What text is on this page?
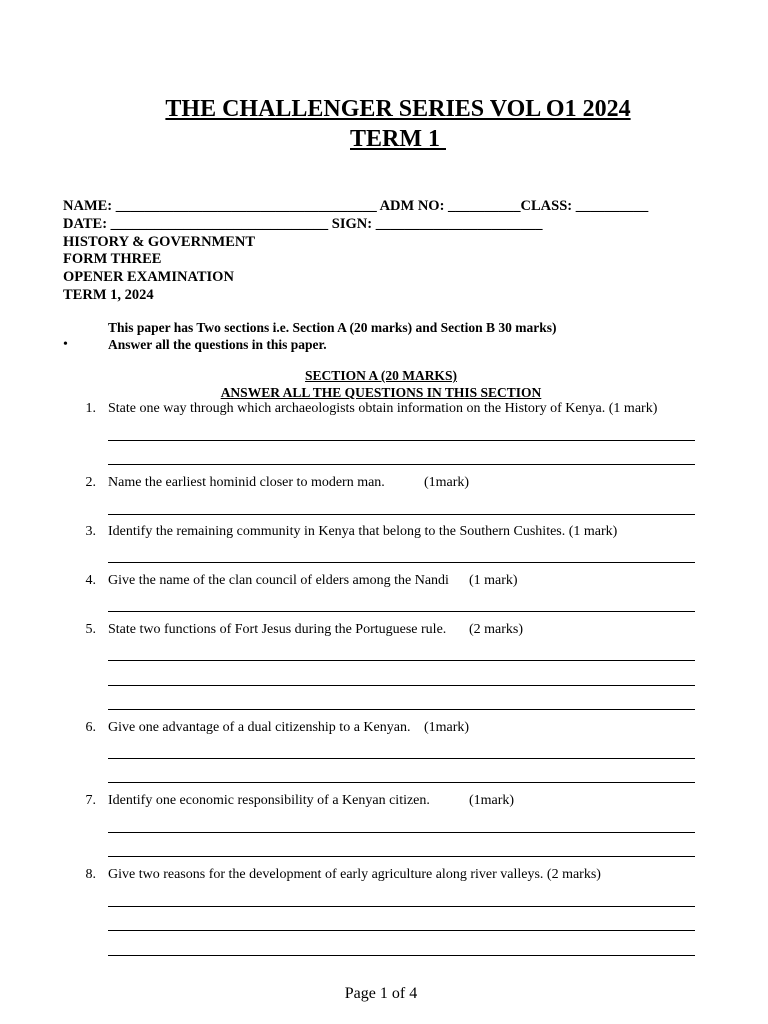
THE CHALLENGER SERIES VOL O1 2024
TERM 1
NAME: ____________________________________ ADM NO: __________CLASS: __________
DATE: ______________________________ SIGN: _______________________
HISTORY & GOVERNMENT
FORM THREE
OPENER EXAMINATION
TERM 1, 2024
This paper has Two sections i.e. Section A (20 marks) and Section B 30 marks)
•	Answer all the questions in this paper.
SECTION A (20 MARKS)
ANSWER ALL THE QUESTIONS IN THIS SECTION
1. State one way through which archaeologists obtain information on the History of Kenya. (1 mark)
2. Name the earliest hominid closer to modern man.	(1mark)
3. Identify the remaining community in Kenya that belong to the Southern Cushites. (1 mark)
4. Give the name of the clan council of elders among the Nandi (1 mark)
5. State two functions of Fort Jesus during the Portuguese rule. (2 marks)
6. Give one advantage of a dual citizenship to a Kenyan. (1mark)
7. Identify one economic responsibility of a Kenyan citizen.	(1mark)
8. Give two reasons for the development of early agriculture along river valleys. (2 marks)
Page 1 of 4
